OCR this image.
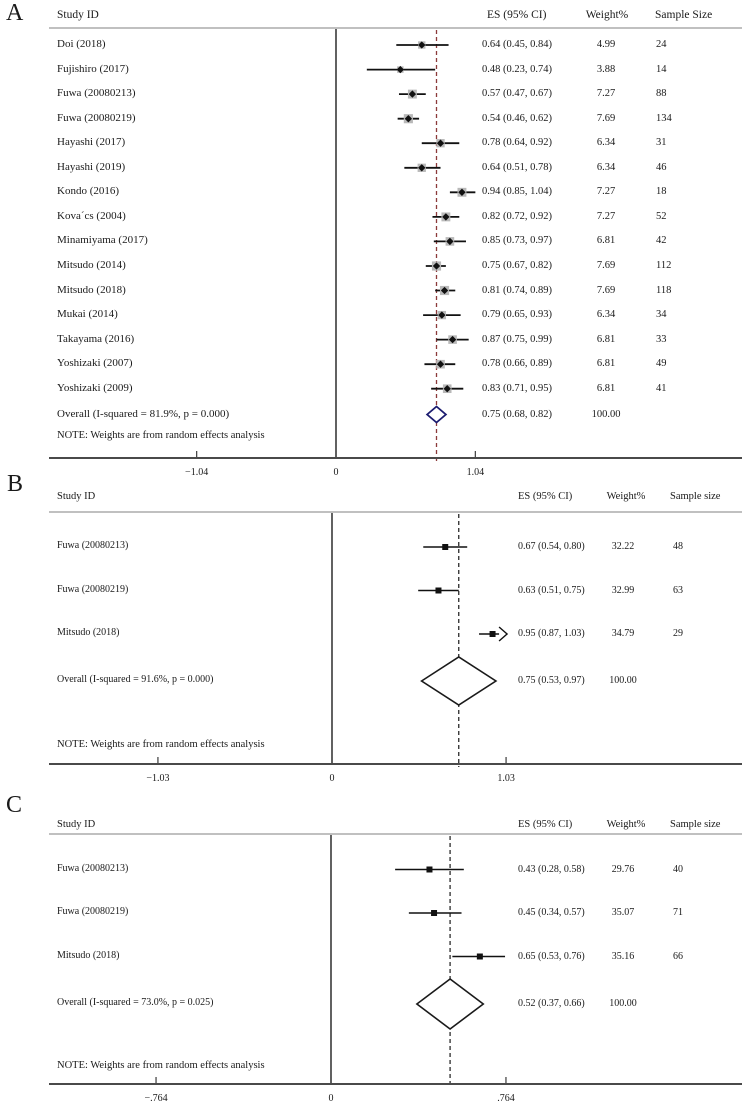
A	Study ID	ES (95% CI)	Weight% Sample Size
−1.04	0	1.04
Doi (2018)	0.64 (0.45, 0.84)	4.99	24
Fujishiro (2017)	0.48 (0.23, 0.74)	3.88	14
Fuwa (20080213)	0.57 (0.47, 0.67)	7.27	88
Fuwa (20080219)	0.54 (0.46, 0.62)	7.69	134
Hayashi (2017)	0.78 (0.64, 0.92)	6.34	31
Hayashi (2019)	0.64 (0.51, 0.78)	6.34	46
Kondo (2016)	0.94 (0.85, 1.04)	7.27	18
Kova´cs (2004)	0.82 (0.72, 0.92)	7.27	52
Minamiyama (2017)	0.85 (0.73, 0.97)	6.81	42
Mitsudo (2014)	0.75 (0.67, 0.82)	7.69	112
Mitsudo (2018)	0.81 (0.74, 0.89)	7.69	118
Mukai (2014)	0.79 (0.65, 0.93)	6.34	34
Takayama (2016)	0.87 (0.75, 0.99)	6.81	33
Yoshizaki (2007)	0.78 (0.66, 0.89)	6.81	49
Yoshizaki (2009)	0.83 (0.71, 0.95)	6.81	41
Overall (I-squared = 81.9%, p = 0.000)	0.75 (0.68, 0.82)	100.00
NOTE: Weights are from random effects analysis
B	Study ID	ES (95% CI)	Weight% Sample size
−1.03	0	1.03
Fuwa (20080213)	0.67 (0.54, 0.80)	32.22	48
Fuwa (20080219)	0.63 (0.51, 0.75)	32.99	63
Mitsudo (2018)	0.95 (0.87, 1.03)	34.79	29
Overall (I-squared = 91.6%, p = 0.000)	0.75 (0.53, 0.97) 100.00
NOTE: Weights are from random effects analysis
C
Study ID	ES (95% CI)	Weight% Sample size
−.764	0	.764
Fuwa (20080213)	0.43 (0.28, 0.58)	29.76	40
Fuwa (20080219)	0.45 (0.34, 0.57)	35.07	71
Mitsudo (2018)	0.65 (0.53, 0.76)	35.16	66
Overall (I-squared = 73.0%, p = 0.025)	0.52 (0.37, 0.66) 100.00
NOTE: Weights are from random effects analysis
